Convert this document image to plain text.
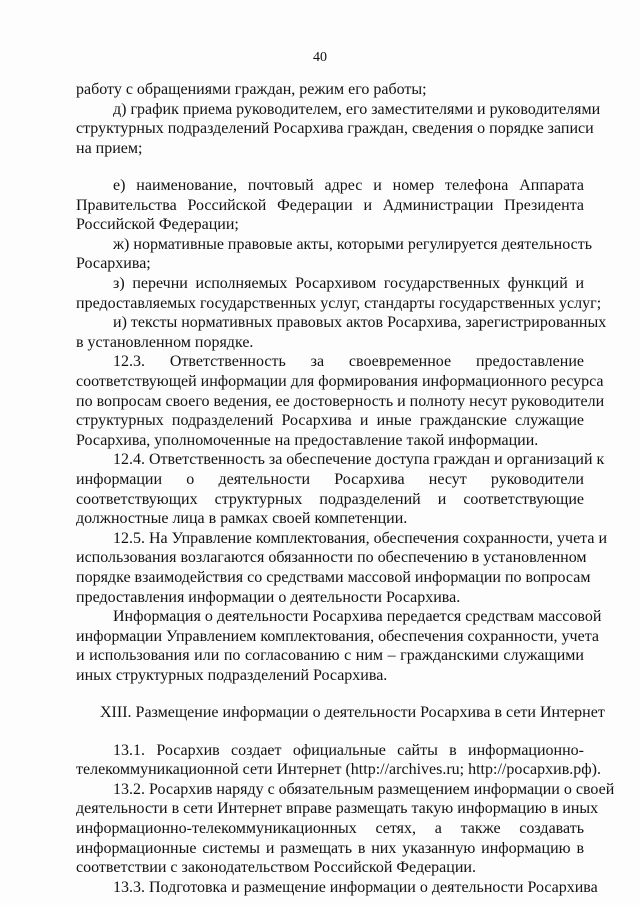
40
работу с обращениями граждан, режим его работы;
д) график приема руководителем, его заместителями и руководителями
структурных подразделений Росархива граждан, сведения о порядке записи
на прием;
е) наименование, почтовый адрес и номер телефона Аппарата
Правительства Российской Федерации и Администрации Президента
Российской Федерации;
ж) нормативные правовые акты, которыми регулируется деятельность
Росархива;
з) перечни исполняемых Росархивом государственных функций и
предоставляемых государственных услуг, стандарты государственных услуг;
и) тексты нормативных правовых актов Росархива, зарегистрированных
в установленном порядке.
12.3. Ответственность за своевременное предоставление
соответствующей информации для формирования информационного ресурса
по вопросам своего ведения, ее достоверность и полноту несут руководители
структурных подразделений Росархива и иные гражданские служащие
Росархива, уполномоченные на предоставление такой информации.
12.4. Ответственность за обеспечение доступа граждан и организаций к
информации о деятельности Росархива несут руководители
соответствующих структурных подразделений и соответствующие
должностные лица в рамках своей компетенции.
12.5. На Управление комплектования, обеспечения сохранности, учета и
использования возлагаются обязанности по обеспечению в установленном
порядке взаимодействия со средствами массовой информации по вопросам
предоставления информации о деятельности Росархива.
Информация о деятельности Росархива передается средствам массовой
информации Управлением комплектования, обеспечения сохранности, учета
и использования или по согласованию с ним – гражданскими служащими
иных структурных подразделений Росархива.
XIII. Размещение информации о деятельности Росархива в сети Интернет
13.1. Росархив создает официальные сайты в информационно-
телекоммуникационной сети Интернет (http://archives.ru; http://росархив.рф).
13.2. Росархив наряду с обязательным размещением информации о своей
деятельности в сети Интернет вправе размещать такую информацию в иных
информационно-телекоммуникационных сетях, а также создавать
информационные системы и размещать в них указанную информацию в
соответствии с законодательством Российской Федерации.
13.3. Подготовка и размещение информации о деятельности Росархива
